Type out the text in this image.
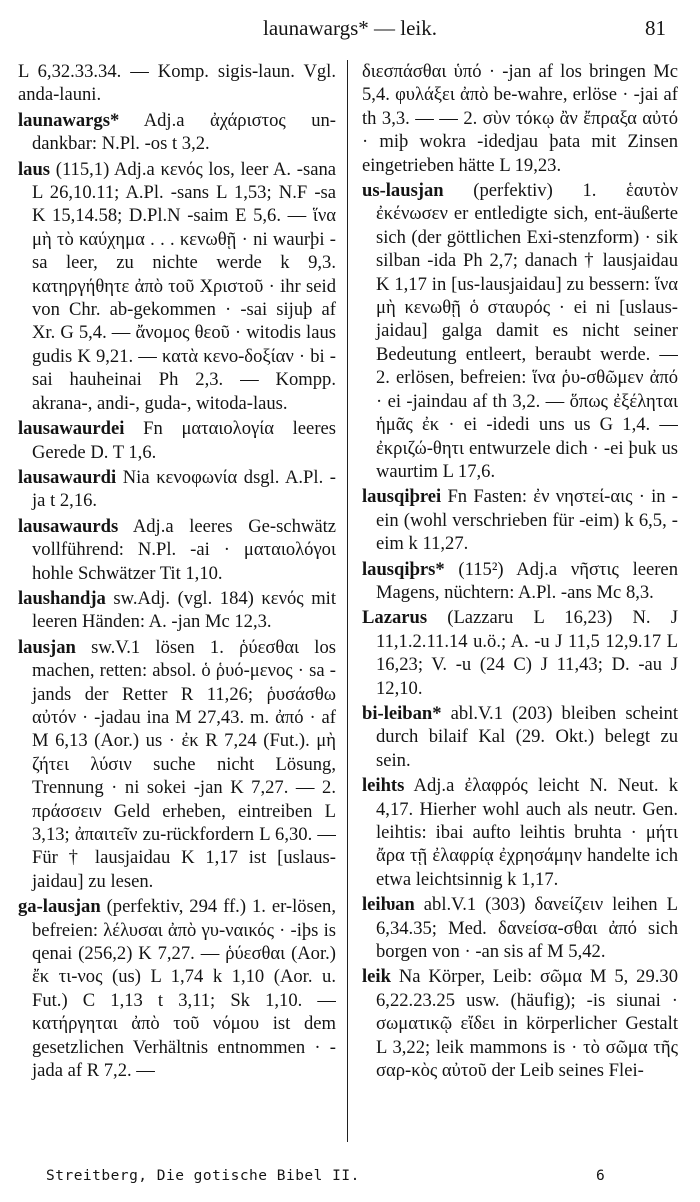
launawargs* — leik.	81

L 6,32.33.34. — Komp. sigis-laun. Vgl. anda-launi.

launawargs* Adj.a ἀχάριστος un-dankbar: N.Pl. -os t 3,2.

laus (115,1) Adj.a κενός los, leer A. -sana L 26,10.11; A.Pl. -sans L 1,53; N.F -sa K 15,14.58; D.Pl.N -saim E 5,6. — ἵνα μὴ τὸ καύχημα . . . κενωθῇ · ni waurþi -sa leer, zu nichte werde k 9,3. κατηργήθητε ἀπὸ τοῦ Χριστοῦ · ihr seid von Chr. ab-gekommen · -sai sijuþ af Xr. G 5,4. — ἄνομος θεοῦ · witodis laus gudis K 9,21. — κατὰ κενο-δοξίαν · bi -sai hauheinai Ph 2,3. — Kompp. akrana-, andi-, guda-, witoda-laus.

lausawaurdei Fn ματαιολογία leeres Gerede D. T 1,6.

lausawaurdi Nia κενοφωνία dsgl. A.Pl. -ja t 2,16.

lausawaurds Adj.a leeres Ge-schwätz vollführend: N.Pl. -ai · ματαιολόγοι hohle Schwätzer Tit 1,10.

laushandja sw.Adj. (vgl. 184) κενός mit leeren Händen: A. -jan Mc 12,3.

lausjan sw.V.1 lösen 1. ῥύεσθαι los machen, retten: absol. ὁ ῥυό-μενος · sa -jands der Retter R 11,26; ῥυσάσθω αὐτόν · -jadau ina M 27,43. m. ἀπό · af M 6,13 (Aor.) us · ἐκ R 7,24 (Fut.). μὴ ζήτει λύσιν suche nicht Lösung, Trennung · ni sokei -jan K 7,27. — 2. πράσσειν Geld erheben, eintreiben L 3,13; ἀπαιτεῖν zu-rückfordern L 6,30. — Für † lausjaidau K 1,17 ist [uslaus-jaidau] zu lesen.

ga-lausjan (perfektiv, 294 ff.) 1. er-lösen, befreien: λέλυσαι ἀπὸ γυ-ναικός · -iþs is qenai (256,2) K 7,27. — ῥύεσθαι (Aor.) ἔκ τι-νος (us) L 1,74 k 1,10 (Aor. u. Fut.) C 1,13 t 3,11; Sk 1,10. — κατήργηται ἀπὸ τοῦ νόμου ist dem gesetzlichen Verhältnis entnommen · -jada af R 7,2. —

διεσπάσθαι ὑπό · -jan af los bringen Mc 5,4. φυλάξει ἀπὸ be-wahre, erlöse · -jai af th 3,3. — — 2. σὺν τόκῳ ἂν ἔπραξα αὐτό · miþ wokra -idedjau þata mit Zinsen eingetrieben hätte L 19,23.

us-lausjan (perfektiv) 1. ἑαυτὸν ἐκένωσεν er entledigte sich, ent-äußerte sich (der göttlichen Exi-stenzform) · sik silban -ida Ph 2,7; danach † lausjaidau K 1,17 in [us-lausjaidau] zu bessern: ἵνα μὴ κενωθῇ ὁ σταυρός · ei ni [uslaus-jaidau] galga damit es nicht seiner Bedeutung entleert, beraubt werde. — 2. erlösen, befreien: ἵνα ῥυ-σθῶμεν ἀπό · ei -jaindau af th 3,2. — ὅπως ἐξέληται ἡμᾶς ἐκ · ei -idedi uns us G 1,4. — ἐκριζώ-θητι entwurzele dich · -ei þuk us waurtim L 17,6.

lausqiþrei Fn Fasten: ἐν νηστεί-αις · in -ein (wohl verschrieben für -eim) k 6,5, -eim k 11,27.

lausqiþrs* (115²) Adj.a νῆστις leeren Magens, nüchtern: A.Pl. -ans Mc 8,3.

Lazarus (Lazzaru L 16,23) N. J 11,1.2.11.14 u.ö.; A. -u J 11,5 12,9.17 L 16,23; V. -u (24 C) J 11,43; D. -au J 12,10.

bi-leiban* abl.V.1 (203) bleiben scheint durch bilaif Kal (29. Okt.) belegt zu sein.

leihts Adj.a ἐλαφρός leicht N. Neut. k 4,17. Hierher wohl auch als neutr. Gen. leihtis: ibai aufto leihtis bruhta · μήτι ἄρα τῇ ἐλαφρίᾳ ἐχρησάμην handelte ich etwa leichtsinnig k 1,17.

leiƕan abl.V.1 (303) δανείζειν leihen L 6,34.35; Med. δανείσα-σθαι ἀπό sich borgen von · -an sis af M 5,42.

leik Na Körper, Leib: σῶμα M 5, 29.30 6,22.23.25 usw. (häufig); -is siunai · σωματικῷ εἴδει in körperlicher Gestalt L 3,22; leik mammons is · τὸ σῶμα τῆς σαρ-κὸς αὐτοῦ der Leib seines Flei-

Streitberg, Die gotische Bibel II.	6
